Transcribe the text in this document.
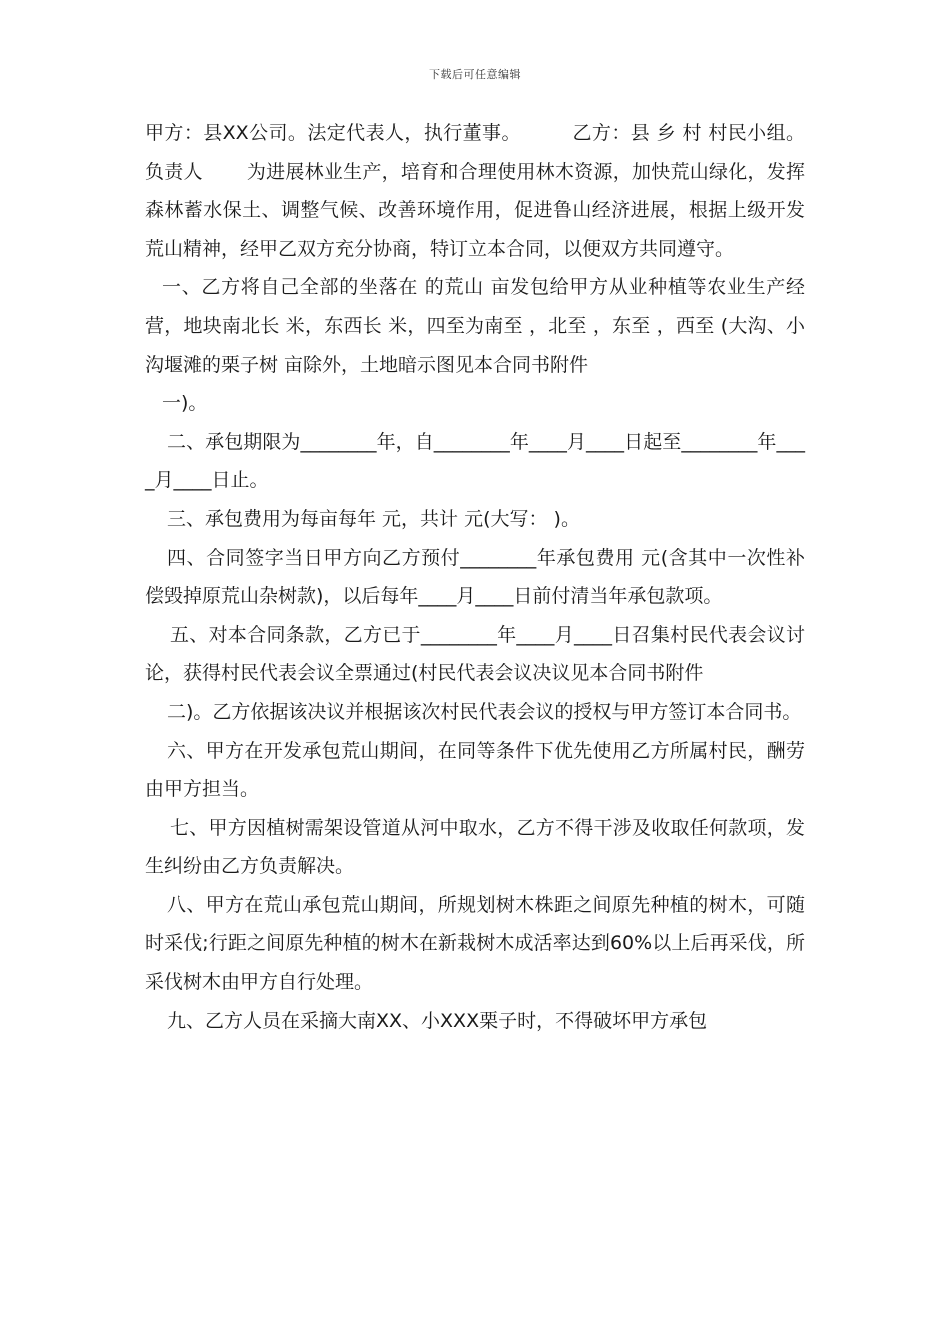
下载后可任意编辑

甲方：县XX公司。法定代表人，执行董事。        乙方：县 乡 村 村民小组。负责人       为进展林业生产，培育和合理使用林木资源，加快荒山绿化，发挥森林蓄水保土、调整气候、改善环境作用，促进鲁山经济进展，根据上级开发荒山精神，经甲乙双方充分协商，特订立本合同，以便双方共同遵守。

一、乙方将自己全部的坐落在 的荒山 亩发包给甲方从业种植等农业生产经营，地块南北长 米，东西长 米，四至为南至 ，北至 ，东至 ，西至 (大沟、小沟堰滩的栗子树 亩除外，土地暗示图见本合同书附件

一)。

二、承包期限为________年，自________年____月____日起至________年____月____日止。

三、承包费用为每亩每年 元，共计 元(大写： )。

四、合同签字当日甲方向乙方预付________年承包费用 元(含其中一次性补偿毁掉原荒山杂树款)，以后每年____月____日前付清当年承包款项。

五、对本合同条款，乙方已于________年____月____日召集村民代表会议讨论，获得村民代表会议全票通过(村民代表会议决议见本合同书附件

二)。乙方依据该决议并根据该次村民代表会议的授权与甲方签订本合同书。

六、甲方在开发承包荒山期间，在同等条件下优先使用乙方所属村民，酬劳由甲方担当。

七、甲方因植树需架设管道从河中取水，乙方不得干涉及收取任何款项，发生纠纷由乙方负责解决。

八、甲方在荒山承包荒山期间，所规划树木株距之间原先种植的树木，可随时采伐;行距之间原先种植的树木在新栽树木成活率达到60%以上后再采伐，所采伐树木由甲方自行处理。

九、乙方人员在采摘大南XX、小XXX栗子时，不得破坏甲方承包
